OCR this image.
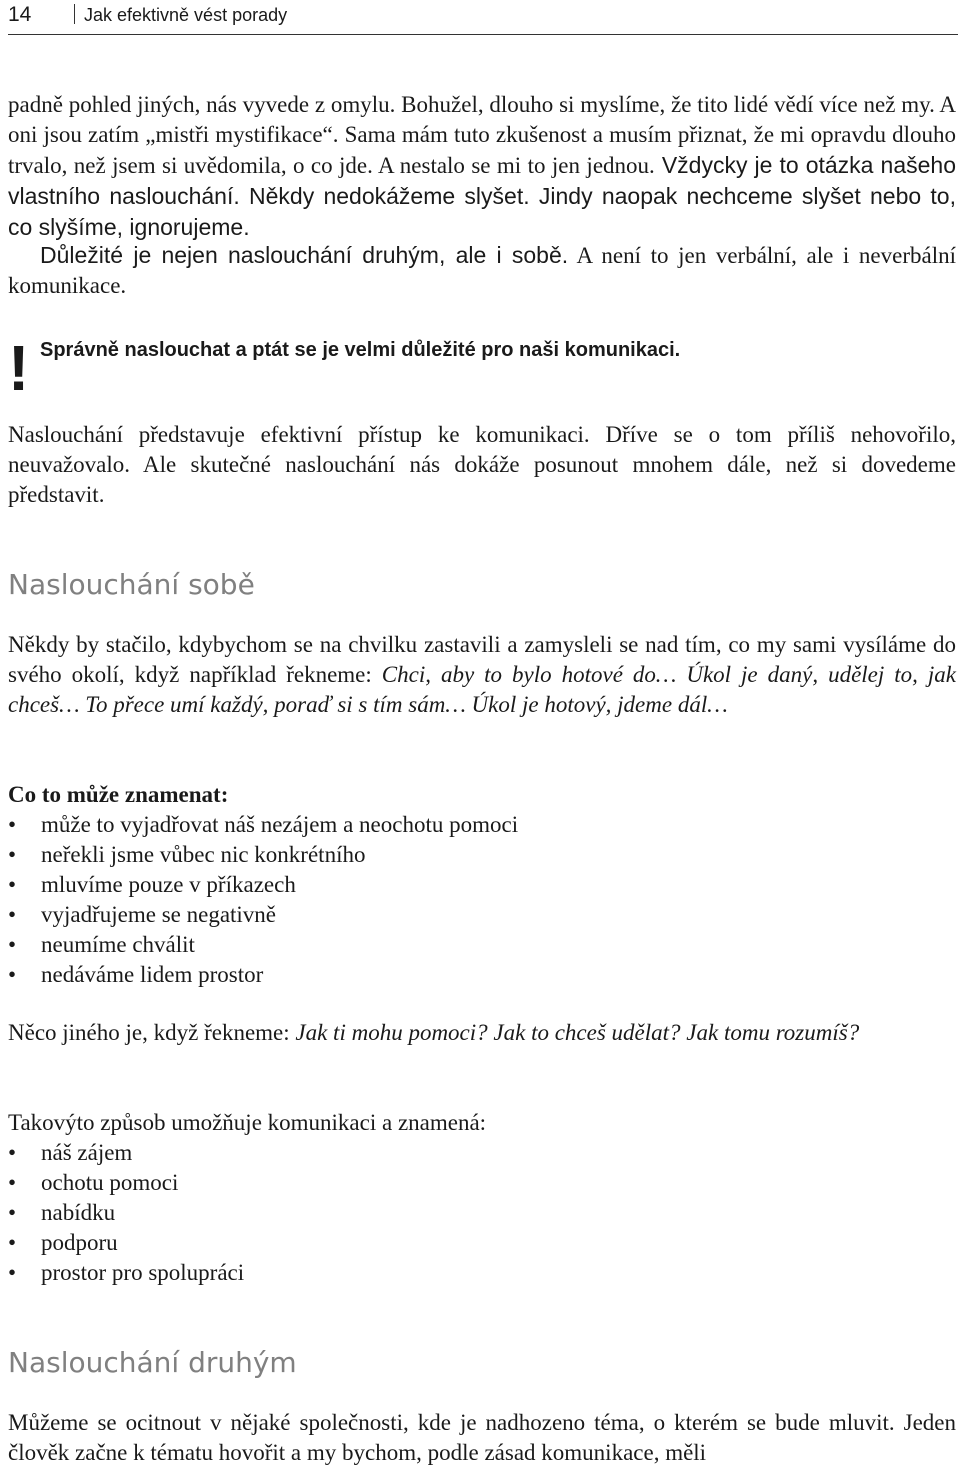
14	Jak efektivně vést porady

padně pohled jiných, nás vyvede z omylu. Bohužel, dlouho si myslíme, že tito lidé vědí více než my. A oni jsou zatím „mistři mystifikace“. Sama mám tuto zkušenost a musím přiznat, že mi opravdu dlouho trvalo, než jsem si uvědomila, o co jde. A nestalo se mi to jen jednou. Vždycky je to otázka našeho vlastního naslouchání. Někdy nedokážeme slyšet. Jindy naopak nechceme slyšet nebo to, co slyšíme, ignorujeme.

Důležité je nejen naslouchání druhým, ale i sobě. A není to jen verbální, ale i neverbální komunikace.

! Správně naslouchat a ptát se je velmi důležité pro naši komunikaci.

Naslouchání představuje efektivní přístup ke komunikaci. Dříve se o tom příliš nehovořilo, neuvažovalo. Ale skutečné naslouchání nás dokáže posunout mnohem dále, než si dovedeme představit.

Naslouchání sobě

Někdy by stačilo, kdybychom se na chvilku zastavili a zamysleli se nad tím, co my sami vysíláme do svého okolí, když například řekneme: Chci, aby to bylo hotové do… Úkol je daný, udělej to, jak chceš… To přece umí každý, poraď si s tím sám… Úkol je hotový, jdeme dál…

Co to může znamenat:
• může to vyjadřovat náš nezájem a neochotu pomoci
• neřekli jsme vůbec nic konkrétního
• mluvíme pouze v příkazech
• vyjadřujeme se negativně
• neumíme chválit
• nedáváme lidem prostor

Něco jiného je, když řekneme: Jak ti mohu pomoci? Jak to chceš udělat? Jak tomu rozumíš?

Takovýto způsob umožňuje komunikaci a znamená:

• náš zájem
• ochotu pomoci
• nabídku
• podporu
• prostor pro spolupráci
Naslouchání druhým

Můžeme se ocitnout v nějaké společnosti, kde je nadhozeno téma, o kterém se bude mluvit. Jeden člověk začne k tématu hovořit a my bychom, podle zásad komunikace, měli
